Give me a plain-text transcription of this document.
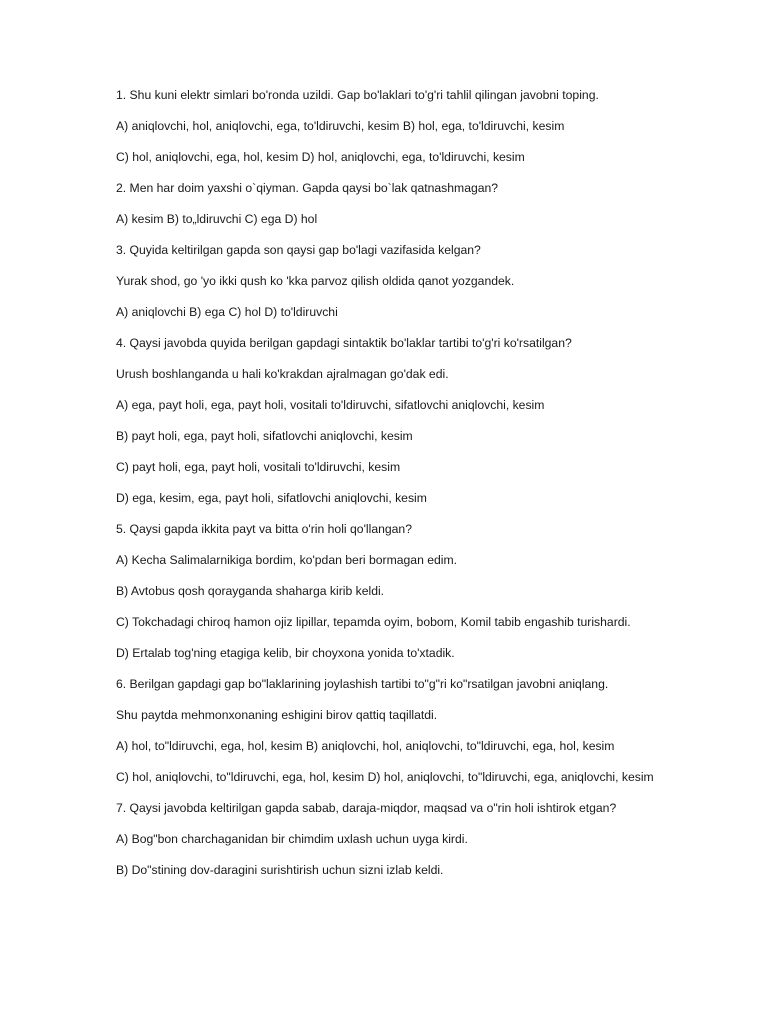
1. Shu kuni elektr simlari bo'ronda uzildi. Gap bo'laklari to'g'ri tahlil qilingan javobni toping.

A) aniqlovchi, hol, aniqlovchi, ega, to'ldiruvchi, kesim B) hol, ega, to'ldiruvchi, kesim

C) hol, aniqlovchi, ega, hol, kesim D) hol, aniqlovchi, ega, to'ldiruvchi, kesim

2. Men har doim yaxshi o`qiyman. Gapda qaysi bo`lak qatnashmagan?

A) kesim B) to„ldiruvchi C) ega D) hol

3. Quyida keltirilgan gapda son qaysi gap bo'lagi vazifasida kelgan?

Yurak shod, go 'yo ikki qush ko 'kka parvoz qilish oldida qanot yozgandek.

A) aniqlovchi B) ega C) hol D) to'ldiruvchi

4. Qaysi javobda quyida berilgan gapdagi sintaktik bo'laklar tartibi to'g'ri ko'rsatilgan?

Urush boshlanganda u hali ko'krakdan ajralmagan go'dak edi.

A) ega, payt holi, ega, payt holi, vositali to'ldiruvchi, sifatlovchi aniqlovchi, kesim

B) payt holi, ega, payt holi, sifatlovchi aniqlovchi, kesim

C) payt holi, ega, payt holi, vositali to'ldiruvchi, kesim

D) ega, kesim, ega, payt holi, sifatlovchi aniqlovchi, kesim

5. Qaysi gapda ikkita payt va bitta o'rin holi qo'llangan?

A) Kecha Salimalarnikiga bordim, ko'pdan beri bormagan edim.

B) Avtobus qosh qorayganda shaharga kirib keldi.

C) Tokchadagi chiroq hamon ojiz lipillar, tepamda oyim, bobom, Komil tabib engashib turishardi.

D) Ertalab tog'ning etagiga kelib, bir choyxona yonida to'xtadik.

6. Berilgan gapdagi gap bo"laklarining joylashish tartibi to"g"ri ko"rsatilgan javobni aniqlang.

Shu paytda mehmonxonaning eshigini birov qattiq taqillatdi.

A) hol, to"ldiruvchi, ega, hol, kesim B) aniqlovchi, hol, aniqlovchi, to"ldiruvchi, ega, hol, kesim

C) hol, aniqlovchi, to"ldiruvchi, ega, hol, kesim D) hol, aniqlovchi, to"ldiruvchi, ega, aniqlovchi, kesim

7. Qaysi javobda keltirilgan gapda sabab, daraja-miqdor, maqsad va o"rin holi ishtirok etgan?

A) Bog"bon charchaganidan bir chimdim uxlash uchun uyga kirdi.

B) Do"stining dov-daragini surishtirish uchun sizni izlab keldi.
